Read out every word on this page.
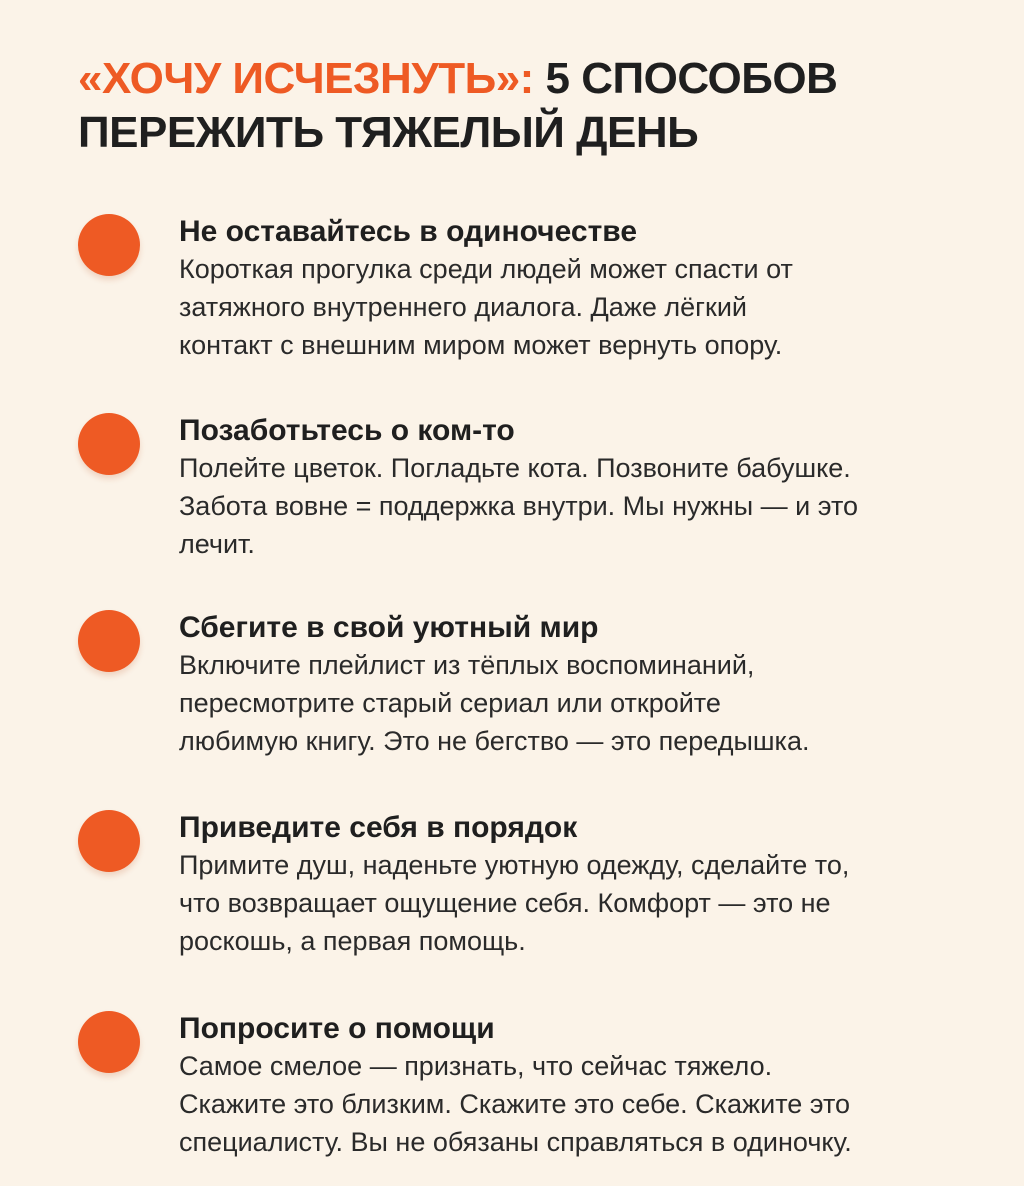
«ХОЧУ ИСЧЕЗНУТЬ»: 5 СПОСОБОВ
ПЕРЕЖИТЬ ТЯЖЕЛЫЙ ДЕНЬ
Не оставайтесь в одиночестве
Короткая прогулка среди людей может спасти от
затяжного внутреннего диалога. Даже лёгкий
контакт с внешним миром может вернуть опору.
Позаботьтесь о ком-то
Полейте цветок. Погладьте кота. Позвоните бабушке.
Забота вовне = поддержка внутри. Мы нужны — и это
лечит.
Сбегите в свой уютный мир
Включите плейлист из тёплых воспоминаний,
пересмотрите старый сериал или откройте
любимую книгу. Это не бегство — это передышка.
Приведите себя в порядок
Примите душ, наденьте уютную одежду, сделайте то,
что возвращает ощущение себя. Комфорт — это не
роскошь, а первая помощь.
Попросите о помощи
Самое смелое — признать, что сейчас тяжело.
Скажите это близким. Скажите это себе. Скажите это
специалисту. Вы не обязаны справляться в одиночку.
